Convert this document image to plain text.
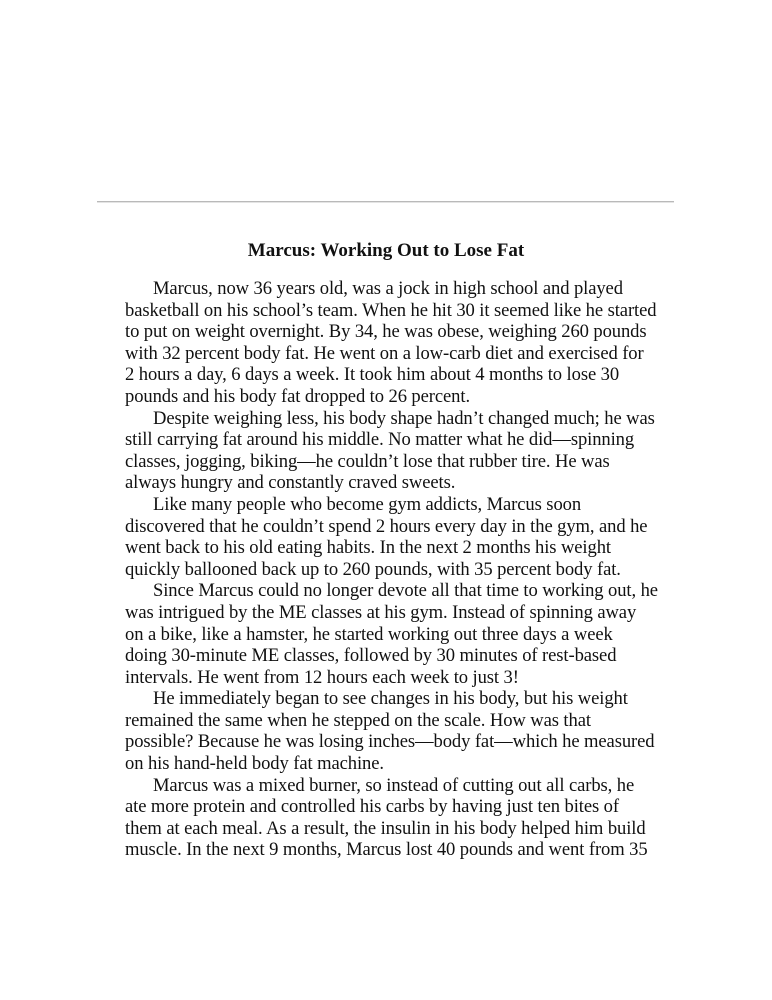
Marcus: Working Out to Lose Fat

Marcus, now 36 years old, was a jock in high school and played
basketball on his school’s team. When he hit 30 it seemed like he started
to put on weight overnight. By 34, he was obese, weighing 260 pounds
with 32 percent body fat. He went on a low-carb diet and exercised for
2 hours a day, 6 days a week. It took him about 4 months to lose 30
pounds and his body fat dropped to 26 percent.

Despite weighing less, his body shape hadn’t changed much; he was
still carrying fat around his middle. No matter what he did—spinning
classes, jogging, biking—he couldn’t lose that rubber tire. He was
always hungry and constantly craved sweets.

Like many people who become gym addicts, Marcus soon
discovered that he couldn’t spend 2 hours every day in the gym, and he
went back to his old eating habits. In the next 2 months his weight
quickly ballooned back up to 260 pounds, with 35 percent body fat.

Since Marcus could no longer devote all that time to working out, he
was intrigued by the ME classes at his gym. Instead of spinning away
on a bike, like a hamster, he started working out three days a week
doing 30-minute ME classes, followed by 30 minutes of rest-based
intervals. He went from 12 hours each week to just 3!

He immediately began to see changes in his body, but his weight
remained the same when he stepped on the scale. How was that
possible? Because he was losing inches—body fat—which he measured
on his hand-held body fat machine.

Marcus was a mixed burner, so instead of cutting out all carbs, he
ate more protein and controlled his carbs by having just ten bites of
them at each meal. As a result, the insulin in his body helped him build
muscle. In the next 9 months, Marcus lost 40 pounds and went from 35
